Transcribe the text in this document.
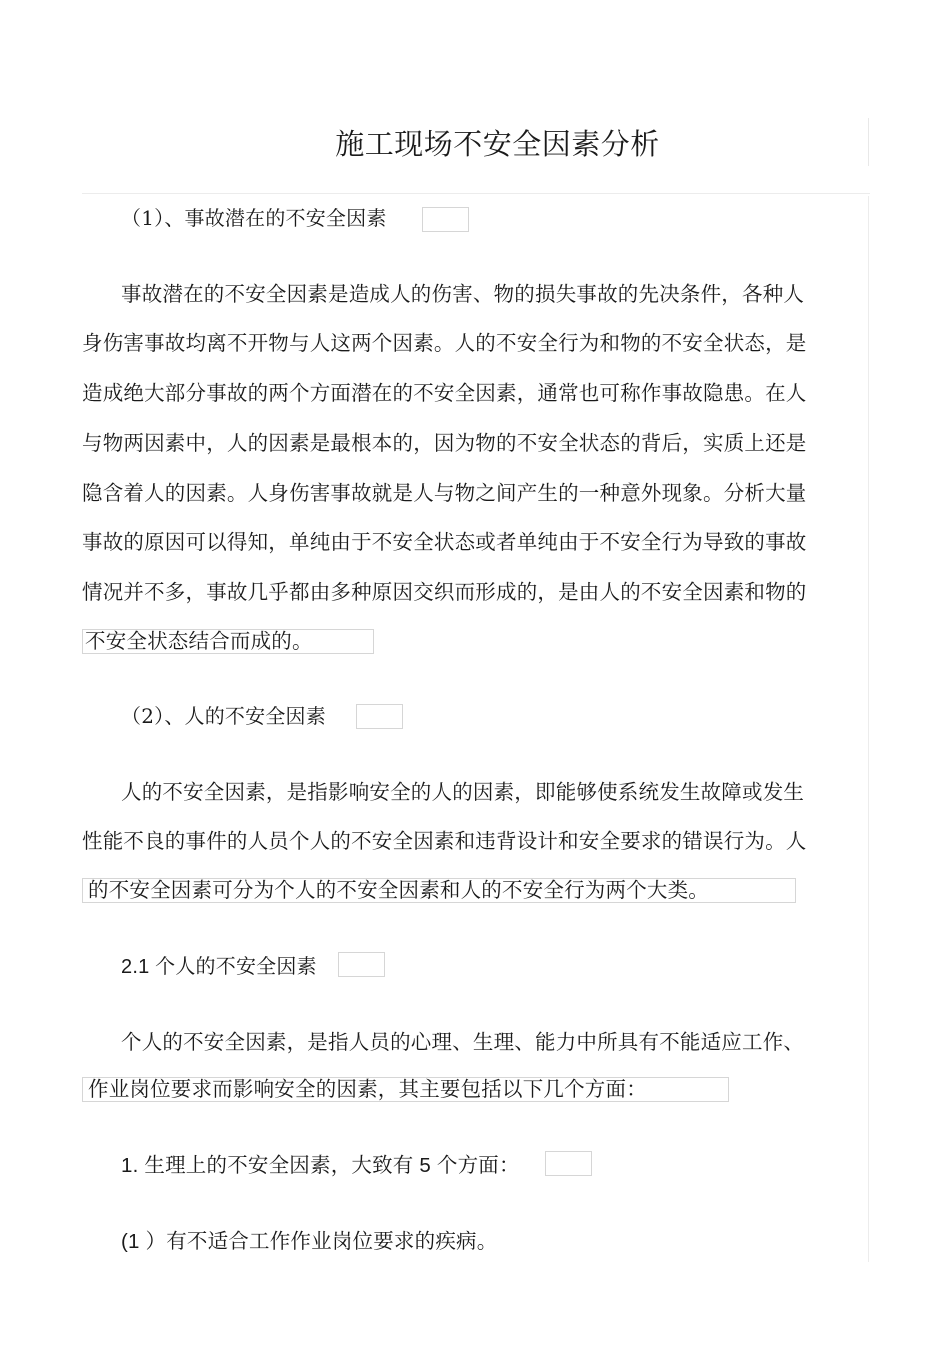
施工现场不安全因素分析
（1）、事故潜在的不安全因素
事故潜在的不安全因素是造成人的伤害、物的损失事故的先决条件，各种人
身伤害事故均离不开物与人这两个因素。人的不安全行为和物的不安全状态，是
造成绝大部分事故的两个方面潜在的不安全因素，通常也可称作事故隐患。在人
与物两因素中，人的因素是最根本的，因为物的不安全状态的背后，实质上还是
隐含着人的因素。人身伤害事故就是人与物之间产生的一种意外现象。分析大量
事故的原因可以得知，单纯由于不安全状态或者单纯由于不安全行为导致的事故
情况并不多，事故几乎都由多种原因交织而形成的，是由人的不安全因素和物的
不安全状态结合而成的。
（2）、人的不安全因素
人的不安全因素，是指影响安全的人的因素，即能够使系统发生故障或发生
性能不良的事件的人员个人的不安全因素和违背设计和安全要求的错误行为。人
的不安全因素可分为个人的不安全因素和人的不安全行为两个大类。
2.1 个人的不安全因素
个人的不安全因素，是指人员的心理、生理、能力中所具有不能适应工作、
作业岗位要求而影响安全的因素，其主要包括以下几个方面：
1. 生理上的不安全因素，大致有 5 个方面：
(1 ）有不适合工作作业岗位要求的疾病。
